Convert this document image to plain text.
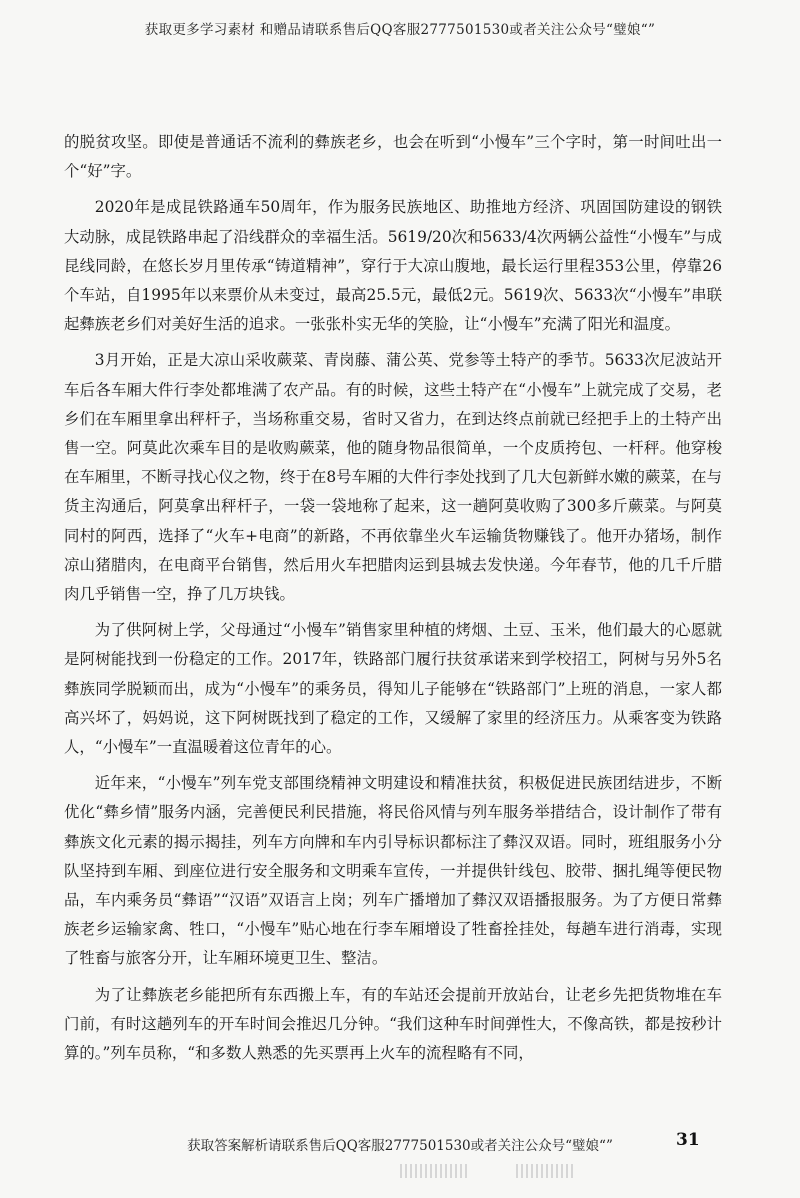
获取更多学习素材 和赠品请联系售后QQ客服2777501530或者关注公众号“璧娘“”

的脱贫攻坚。即使是普通话不流利的彝族老乡，也会在听到“小慢车”三个字时，第一时间吐出一个“好”字。

2020年是成昆铁路通车50周年，作为服务民族地区、助推地方经济、巩固国防建设的钢铁大动脉，成昆铁路串起了沿线群众的幸福生活。5619/20次和5633/4次两辆公益性“小慢车”与成昆线同龄，在悠长岁月里传承“铸道精神”，穿行于大凉山腹地，最长运行里程353公里，停靠26个车站，自1995年以来票价从未变过，最高25.5元，最低2元。5619次、5633次“小慢车”串联起彝族老乡们对美好生活的追求。一张张朴实无华的笑脸，让“小慢车”充满了阳光和温度。

3月开始，正是大凉山采收蕨菜、青岗藤、蒲公英、党参等土特产的季节。5633次尼波站开车后各车厢大件行李处都堆满了农产品。有的时候，这些土特产在“小慢车”上就完成了交易，老乡们在车厢里拿出秤杆子，当场称重交易，省时又省力，在到达终点前就已经把手上的土特产出售一空。阿莫此次乘车目的是收购蕨菜，他的随身物品很简单，一个皮质挎包、一杆秤。他穿梭在车厢里，不断寻找心仪之物，终于在8号车厢的大件行李处找到了几大包新鲜水嫩的蕨菜，在与货主沟通后，阿莫拿出秤杆子，一袋一袋地称了起来，这一趟阿莫收购了300多斤蕨菜。与阿莫同村的阿西，选择了“火车+电商”的新路，不再依靠坐火车运输货物赚钱了。他开办猪场，制作凉山猪腊肉，在电商平台销售，然后用火车把腊肉运到县城去发快递。今年春节，他的几千斤腊肉几乎销售一空，挣了几万块钱。

为了供阿树上学，父母通过“小慢车”销售家里种植的烤烟、土豆、玉米，他们最大的心愿就是阿树能找到一份稳定的工作。2017年，铁路部门履行扶贫承诺来到学校招工，阿树与另外5名彝族同学脱颖而出，成为“小慢车”的乘务员，得知儿子能够在“铁路部门”上班的消息，一家人都高兴坏了，妈妈说，这下阿树既找到了稳定的工作，又缓解了家里的经济压力。从乘客变为铁路人，“小慢车”一直温暖着这位青年的心。

近年来，“小慢车”列车党支部围绕精神文明建设和精准扶贫，积极促进民族团结进步，不断优化“彝乡情”服务内涵，完善便民利民措施，将民俗风情与列车服务举措结合，设计制作了带有彝族文化元素的揭示揭挂，列车方向牌和车内引导标识都标注了彝汉双语。同时，班组服务小分队坚持到车厢、到座位进行安全服务和文明乘车宣传，一并提供针线包、胶带、捆扎绳等便民物品，车内乘务员“彝语”“汉语”双语言上岗；列车广播增加了彝汉双语播报服务。为了方便日常彝族老乡运输家禽、牲口，“小慢车”贴心地在行李车厢增设了牲畜拴挂处，每趟车进行消毒，实现了牲畜与旅客分开，让车厢环境更卫生、整洁。

为了让彝族老乡能把所有东西搬上车，有的车站还会提前开放站台，让老乡先把货物堆在车门前，有时这趟列车的开车时间会推迟几分钟。“我们这种车时间弹性大，不像高铁，都是按秒计算的。”列车员称，“和多数人熟悉的先买票再上火车的流程略有不同，

获取答案解析请联系售后QQ客服2777501530或者关注公众号“璧娘“”	31
